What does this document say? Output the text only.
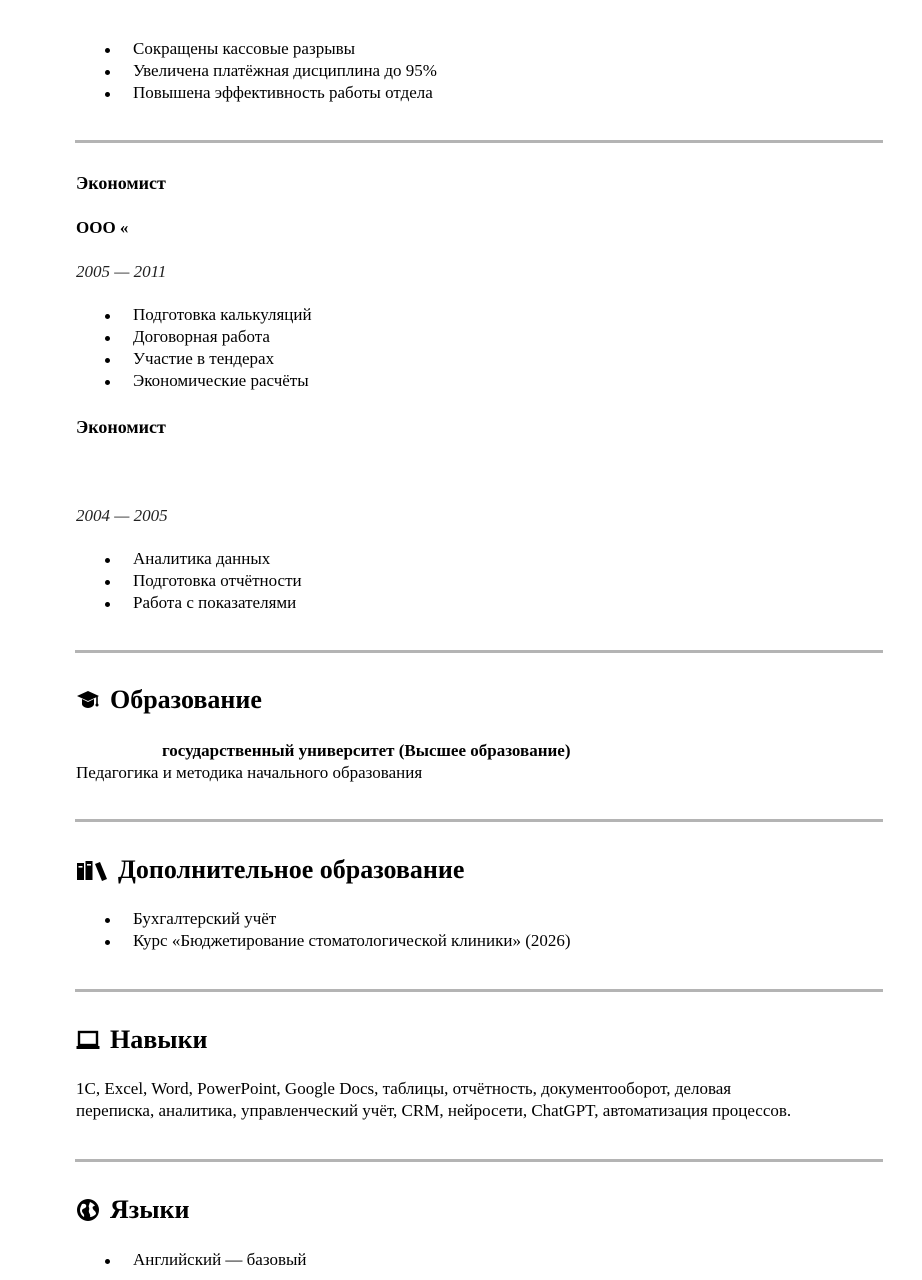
Сокращены кассовые разрывы
Увеличена платёжная дисциплина до 95%
Повышена эффективность работы отдела
Экономист
ООО «
2005 — 2011
Подготовка калькуляций
Договорная работа
Участие в тендерах
Экономические расчёты
Экономист
2004 — 2005
Аналитика данных
Подготовка отчётности
Работа с показателями
Образование
государственный университет (Высшее образование)
Педагогика и методика начального образования
Дополнительное образование
Бухгалтерский учёт
Курс «Бюджетирование стоматологической клиники» (2026)
Навыки
1С, Excel, Word, PowerPoint, Google Docs, таблицы, отчётность, документооборот, деловая
переписка, аналитика, управленческий учёт, CRM, нейросети, ChatGPT, автоматизация процессов.
Языки
Английский — базовый
